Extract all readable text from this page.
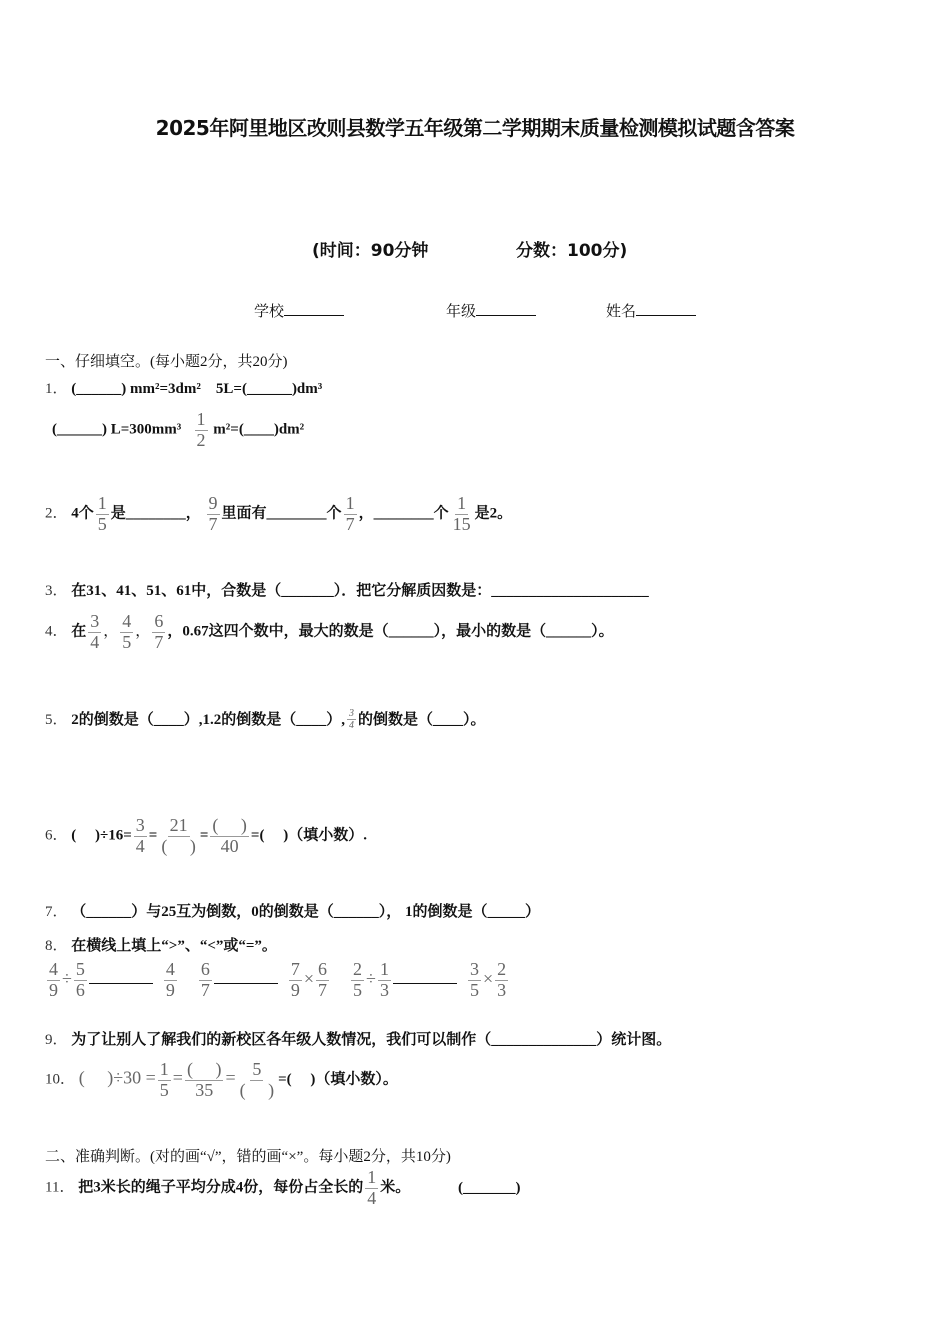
2025年阿里地区改则县数学五年级第二学期期末质量检测模拟试题含答案
(时间：90分钟	分数：100分)
学校	年级	姓名
一、仔细填空。(每小题2分，共20分)
1． (______) mm²=3dm² 5L=(______)dm³
(______) $L=300mm^3 \frac{1}{2}$ m²=(____)dm²
2． 4个 $\frac{1}{5}$ 是________， $\frac{9}{7}$ 里面有________个 $\frac{1}{7}$ ，________个 $\frac{1}{15}$ 是2。
3． 在31、41、51、61中，合数是（_______）．把它分解质因数是：_____________________
4． 在 $\frac{3}{4}$ ， $\frac{4}{5}$ ， $\frac{6}{7}$ ，0.67这四个数中，最大的数是（______），最小的数是（______）。
5． 2的倒数是（____）,1.2的倒数是（____）, $\frac{3}{4}$ 的倒数是（____）。
6． (　 )$\div 16= \frac{3}{4} = \frac{21}{( )} = \frac{( )}{40}$ =(　 )（填小数）.
7． （______）与25互为倒数，0的倒数是（______）， 1的倒数是（_____）
8． 在横线上填上“>”、“<”或“=”。
$\frac{4}{9} \div \frac{5}{6}$
	$\frac{4}{9}$
$\frac{6}{7}$
	$\frac{7}{9} \times \frac{6}{7}$
$\frac{2}{5} \div \frac{1}{3}$
	$\frac{3}{5} \times \frac{2}{3}$
9． 为了让别人了解我们的新校区各年级人数情况，我们可以制作（______________）统计图。
10． (　 )$\div 30 = \frac{1}{5} = \frac{( )}{35} = \frac{5}{( )}$ =(　 )（填小数）。
二、准确判断。(对的画“√”，错的画“×”。每小题2分，共10分)
11． 把3米长的绳子平均分成4份，每份占全长的 $\frac{1}{4}$ 米。	(_______)
